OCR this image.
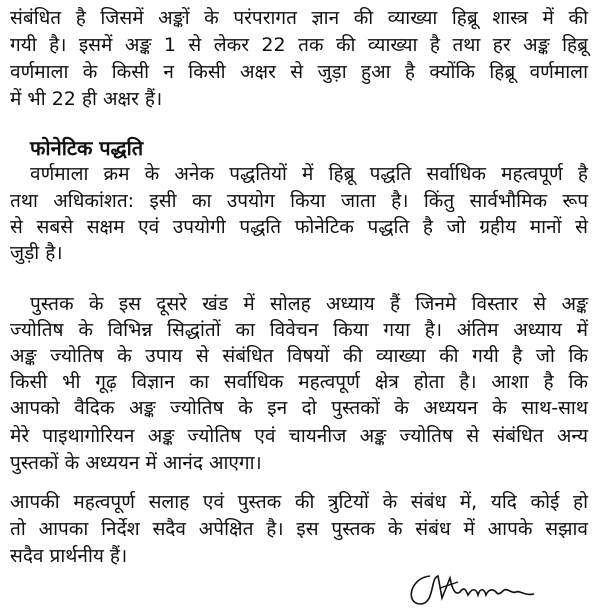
संबंधित है जिसमें अङ्कों के परंपरागत ज्ञान की व्याख्या हिब्रू शास्त्र में की
गयी है। इसमें अङ्क 1 से लेकर 22 तक की व्याख्या है तथा हर अङ्क हिब्रू
वर्णमाला के किसी न किसी अक्षर से जुड़ा हुआ है क्योंकि हिब्रू वर्णमाला
में भी 22 ही अक्षर हैं।
फोनेटिक पद्धति
वर्णमाला क्रम के अनेक पद्धतियों में हिब्रू पद्धति सर्वाधिक महत्वपूर्ण है
तथा अधिकांशत: इसी का उपयोग किया जाता है। किंतु सार्वभौमिक रूप
से सबसे सक्षम एवं उपयोगी पद्धति फोनेटिक पद्धति है जो ग्रहीय मानों से
जुड़ी है।
पुस्तक के इस दूसरे खंड में सोलह अध्याय हैं जिनमे विस्तार से अङ्क
ज्योतिष के विभिन्न सिद्धांतों का विवेचन किया गया है। अंतिम अध्याय में
अङ्क ज्योतिष के उपाय से संबंधित विषयों की व्याख्या की गयी है जो कि
किसी भी गूढ़ विज्ञान का सर्वाधिक महत्वपूर्ण क्षेत्र होता है। आशा है कि
आपको वैदिक अङ्क ज्योतिष के इन दो पुस्तकों के अध्ययन के साथ-साथ
मेरे पाइथागोरियन अङ्क ज्योतिष एवं चायनीज अङ्क ज्योतिष से संबंधित अन्य
पुस्तकों के अध्ययन में आनंद आएगा।
आपकी महत्वपूर्ण सलाह एवं पुस्तक की त्रुटियों के संबंध में, यदि कोई हो
तो आपका निर्देश सदैव अपेक्षित है। इस पुस्तक के संबंध में आपके सझाव
सदैव प्रार्थनीय हैं।
